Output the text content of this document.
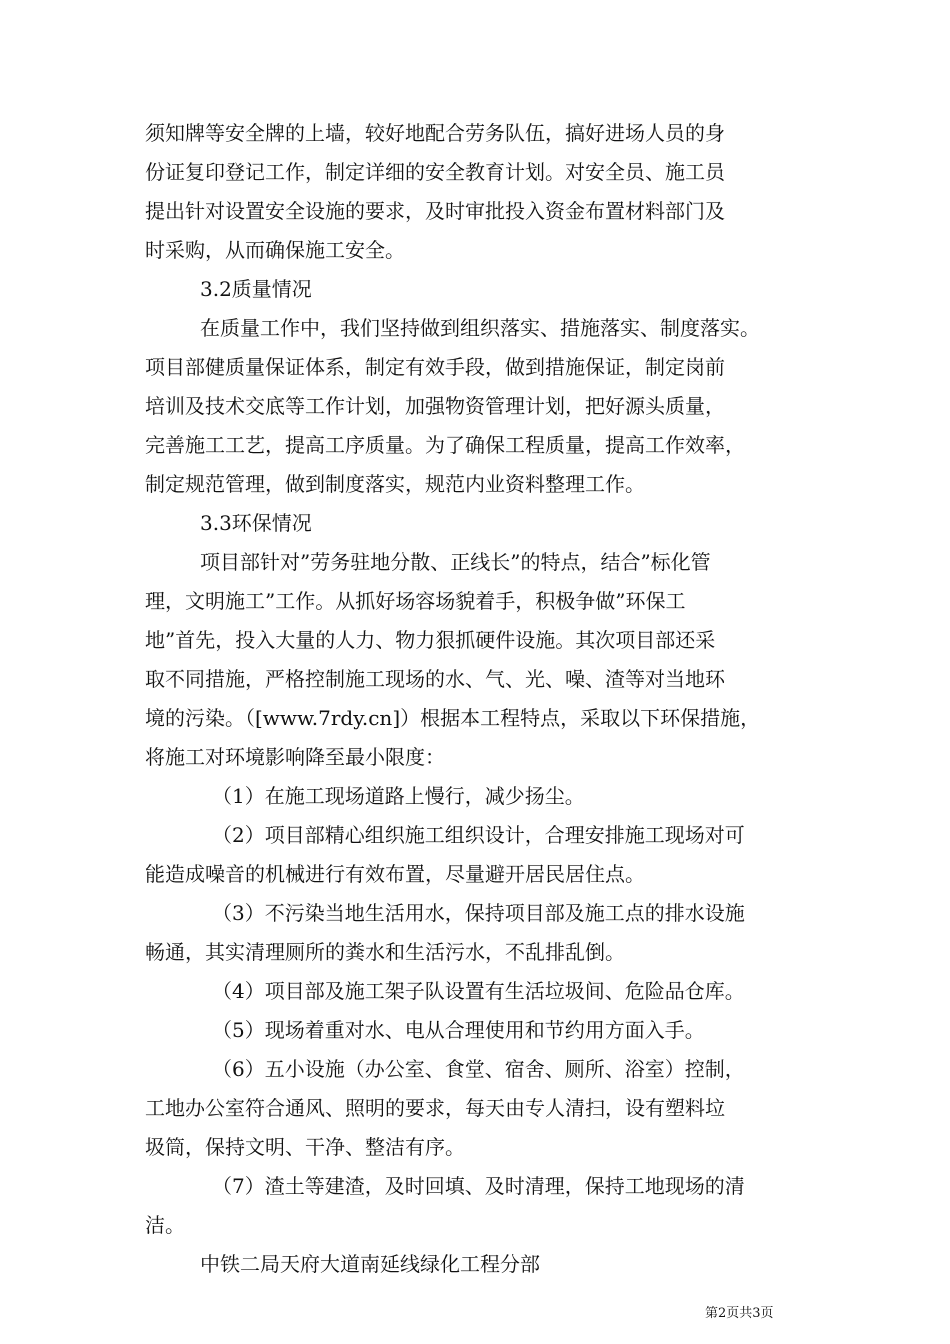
须知牌等安全牌的上墙，较好地配合劳务队伍，搞好进场人员的身
份证复印登记工作，制定详细的安全教育计划。对安全员、施工员
提出针对设置安全设施的要求，及时审批投入资金布置材料部门及
时采购，从而确保施工安全。
3.2质量情况
在质量工作中，我们坚持做到组织落实、措施落实、制度落实。
项目部健质量保证体系，制定有效手段，做到措施保证，制定岗前
培训及技术交底等工作计划，加强物资管理计划，把好源头质量，
完善施工工艺，提高工序质量。为了确保工程质量，提高工作效率，
制定规范管理，做到制度落实，规范内业资料整理工作。
3.3环保情况
项目部针对”劳务驻地分散、正线长”的特点，结合”标化管
理，文明施工”工作。从抓好场容场貌着手，积极争做”环保工
地”首先，投入大量的人力、物力狠抓硬件设施。其次项目部还采
取不同措施，严格控制施工现场的水、气、光、噪、渣等对当地环
境的污染。（[www.7rdy.cn]）根据本工程特点，采取以下环保措施，
将施工对环境影响降至最小限度：
（1）在施工现场道路上慢行，减少扬尘。
（2）项目部精心组织施工组织设计，合理安排施工现场对可
能造成噪音的机械进行有效布置，尽量避开居民居住点。
（3）不污染当地生活用水，保持项目部及施工点的排水设施
畅通，其实清理厕所的粪水和生活污水，不乱排乱倒。
（4）项目部及施工架子队设置有生活垃圾间、危险品仓库。
（5）现场着重对水、电从合理使用和节约用方面入手。
（6）五小设施（办公室、食堂、宿舍、厕所、浴室）控制，
工地办公室符合通风、照明的要求，每天由专人清扫，设有塑料垃
圾筒，保持文明、干净、整洁有序。
（7）渣土等建渣，及时回填、及时清理，保持工地现场的清
洁。
中铁二局天府大道南延线绿化工程分部
第2页共3页
